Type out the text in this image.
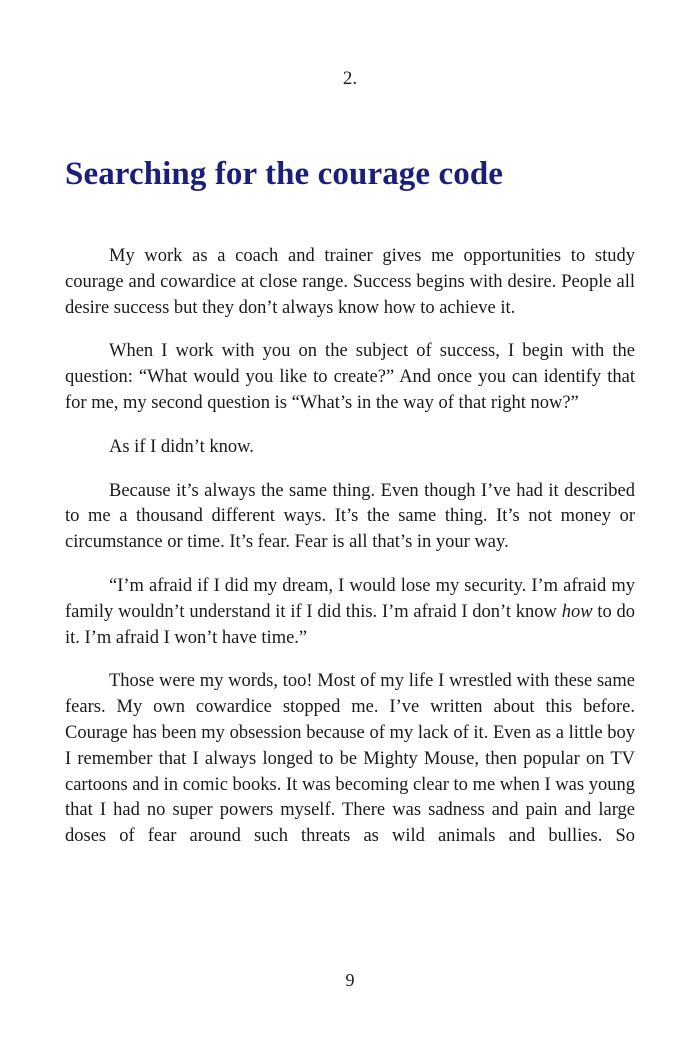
2.
Searching for the courage code

My work as a coach and trainer gives me opportunities to study courage and cowardice at close range. Success begins with desire. People all desire success but they don’t always know how to achieve it.

When I work with you on the subject of success, I begin with the question: “What would you like to create?” And once you can identify that for me, my second question is “What’s in the way of that right now?”

As if I didn’t know.

Because it’s always the same thing. Even though I’ve had it described to me a thousand different ways. It’s the same thing. It’s not money or circumstance or time. It’s fear. Fear is all that’s in your way.

“I’m afraid if I did my dream, I would lose my security. I’m afraid my family wouldn’t understand it if I did this. I’m afraid I don’t know how to do it. I’m afraid I won’t have time.”

Those were my words, too! Most of my life I wrestled with these same fears. My own cowardice stopped me. I’ve written about this before. Courage has been my obsession because of my lack of it. Even as a little boy I remember that I always longed to be Mighty Mouse, then popular on TV cartoons and in comic books. It was becoming clear to me when I was young that I had no super powers myself. There was sadness and pain and large doses of fear around such threats as wild animals and bullies. So

9
